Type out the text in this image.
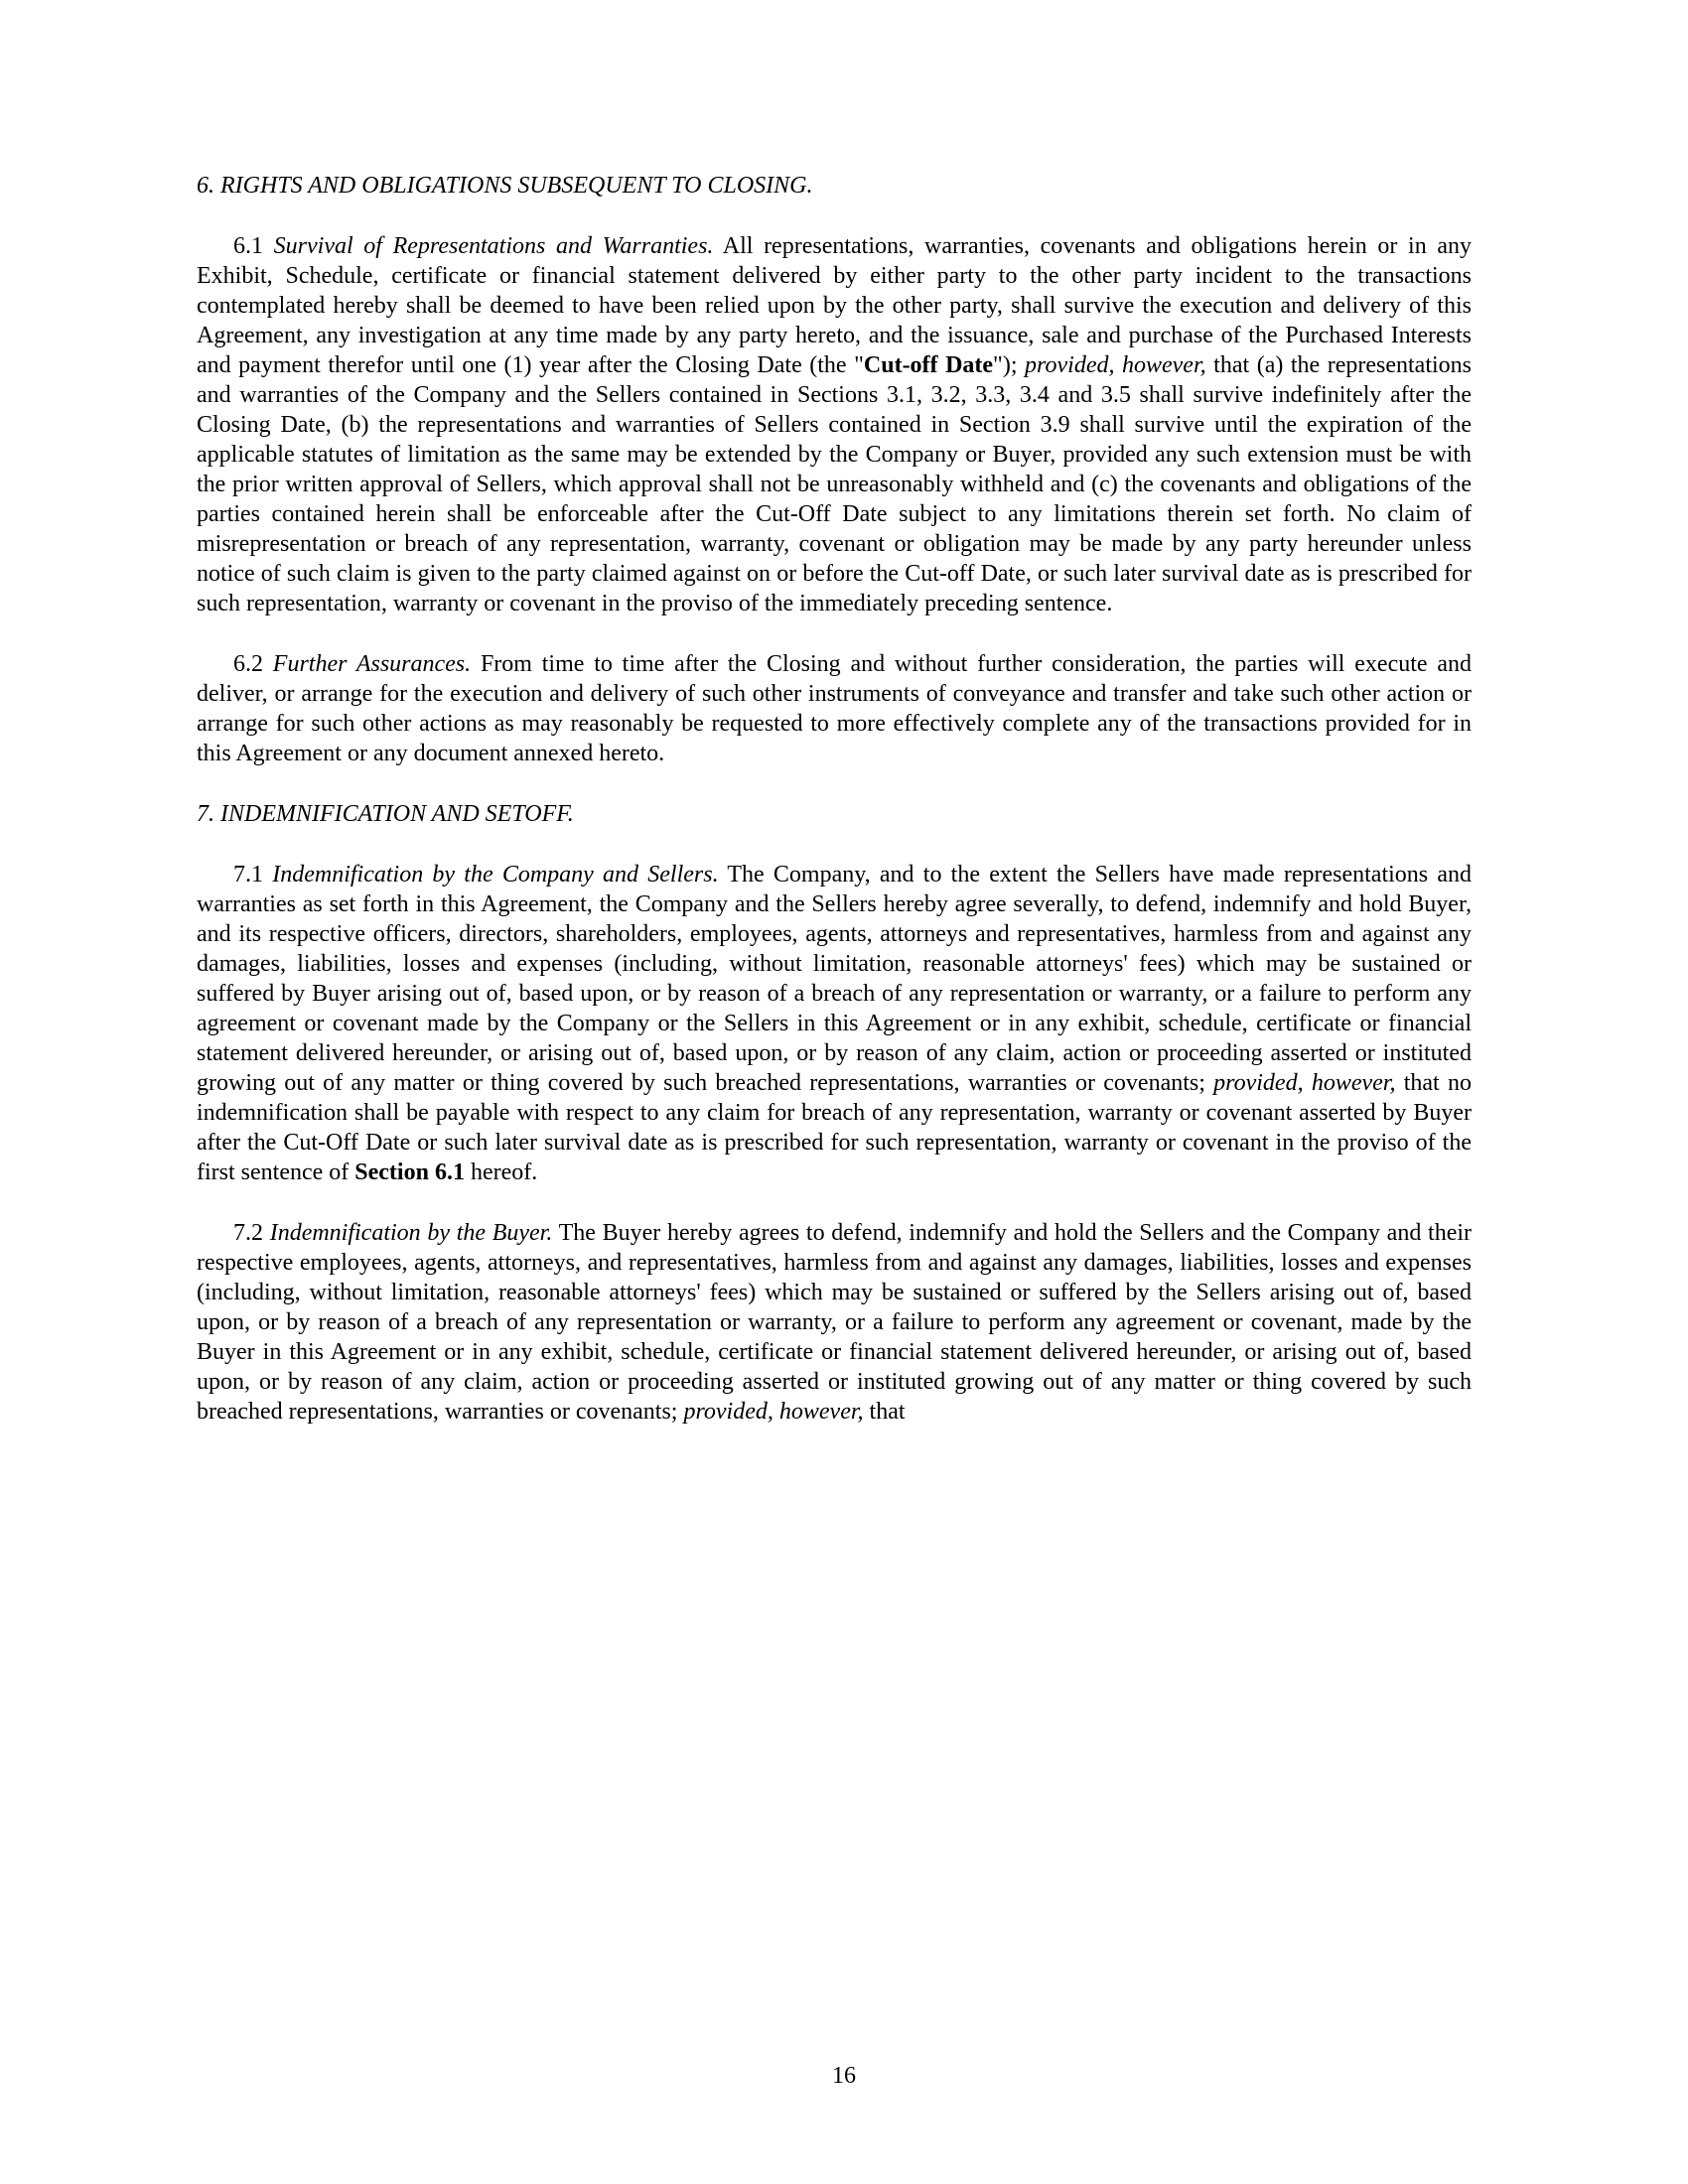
6. RIGHTS AND OBLIGATIONS SUBSEQUENT TO CLOSING.

6.1 Survival of Representations and Warranties. All representations, warranties, covenants and obligations herein or in any Exhibit, Schedule, certificate or financial statement delivered by either party to the other party incident to the transactions contemplated hereby shall be deemed to have been relied upon by the other party, shall survive the execution and delivery of this Agreement, any investigation at any time made by any party hereto, and the issuance, sale and purchase of the Purchased Interests and payment therefor until one (1) year after the Closing Date (the "Cut-off Date"); provided, however, that (a) the representations and warranties of the Company and the Sellers contained in Sections 3.1, 3.2, 3.3, 3.4 and 3.5 shall survive indefinitely after the Closing Date, (b) the representations and warranties of Sellers contained in Section 3.9 shall survive until the expiration of the applicable statutes of limitation as the same may be extended by the Company or Buyer, provided any such extension must be with the prior written approval of Sellers, which approval shall not be unreasonably withheld and (c) the covenants and obligations of the parties contained herein shall be enforceable after the Cut-Off Date subject to any limitations therein set forth. No claim of misrepresentation or breach of any representation, warranty, covenant or obligation may be made by any party hereunder unless notice of such claim is given to the party claimed against on or before the Cut-off Date, or such later survival date as is prescribed for such representation, warranty or covenant in the proviso of the immediately preceding sentence.

6.2 Further Assurances. From time to time after the Closing and without further consideration, the parties will execute and deliver, or arrange for the execution and delivery of such other instruments of conveyance and transfer and take such other action or arrange for such other actions as may reasonably be requested to more effectively complete any of the transactions provided for in this Agreement or any document annexed hereto.

7. INDEMNIFICATION AND SETOFF.

7.1 Indemnification by the Company and Sellers. The Company, and to the extent the Sellers have made representations and warranties as set forth in this Agreement, the Company and the Sellers hereby agree severally, to defend, indemnify and hold Buyer, and its respective officers, directors, shareholders, employees, agents, attorneys and representatives, harmless from and against any damages, liabilities, losses and expenses (including, without limitation, reasonable attorneys' fees) which may be sustained or suffered by Buyer arising out of, based upon, or by reason of a breach of any representation or warranty, or a failure to perform any agreement or covenant made by the Company or the Sellers in this Agreement or in any exhibit, schedule, certificate or financial statement delivered hereunder, or arising out of, based upon, or by reason of any claim, action or proceeding asserted or instituted growing out of any matter or thing covered by such breached representations, warranties or covenants; provided, however, that no indemnification shall be payable with respect to any claim for breach of any representation, warranty or covenant asserted by Buyer after the Cut-Off Date or such later survival date as is prescribed for such representation, warranty or covenant in the proviso of the first sentence of Section 6.1 hereof.

7.2 Indemnification by the Buyer. The Buyer hereby agrees to defend, indemnify and hold the Sellers and the Company and their respective employees, agents, attorneys, and representatives, harmless from and against any damages, liabilities, losses and expenses (including, without limitation, reasonable attorneys' fees) which may be sustained or suffered by the Sellers arising out of, based upon, or by reason of a breach of any representation or warranty, or a failure to perform any agreement or covenant, made by the Buyer in this Agreement or in any exhibit, schedule, certificate or financial statement delivered hereunder, or arising out of, based upon, or by reason of any claim, action or proceeding asserted or instituted growing out of any matter or thing covered by such breached representations, warranties or covenants; provided, however, that

16
